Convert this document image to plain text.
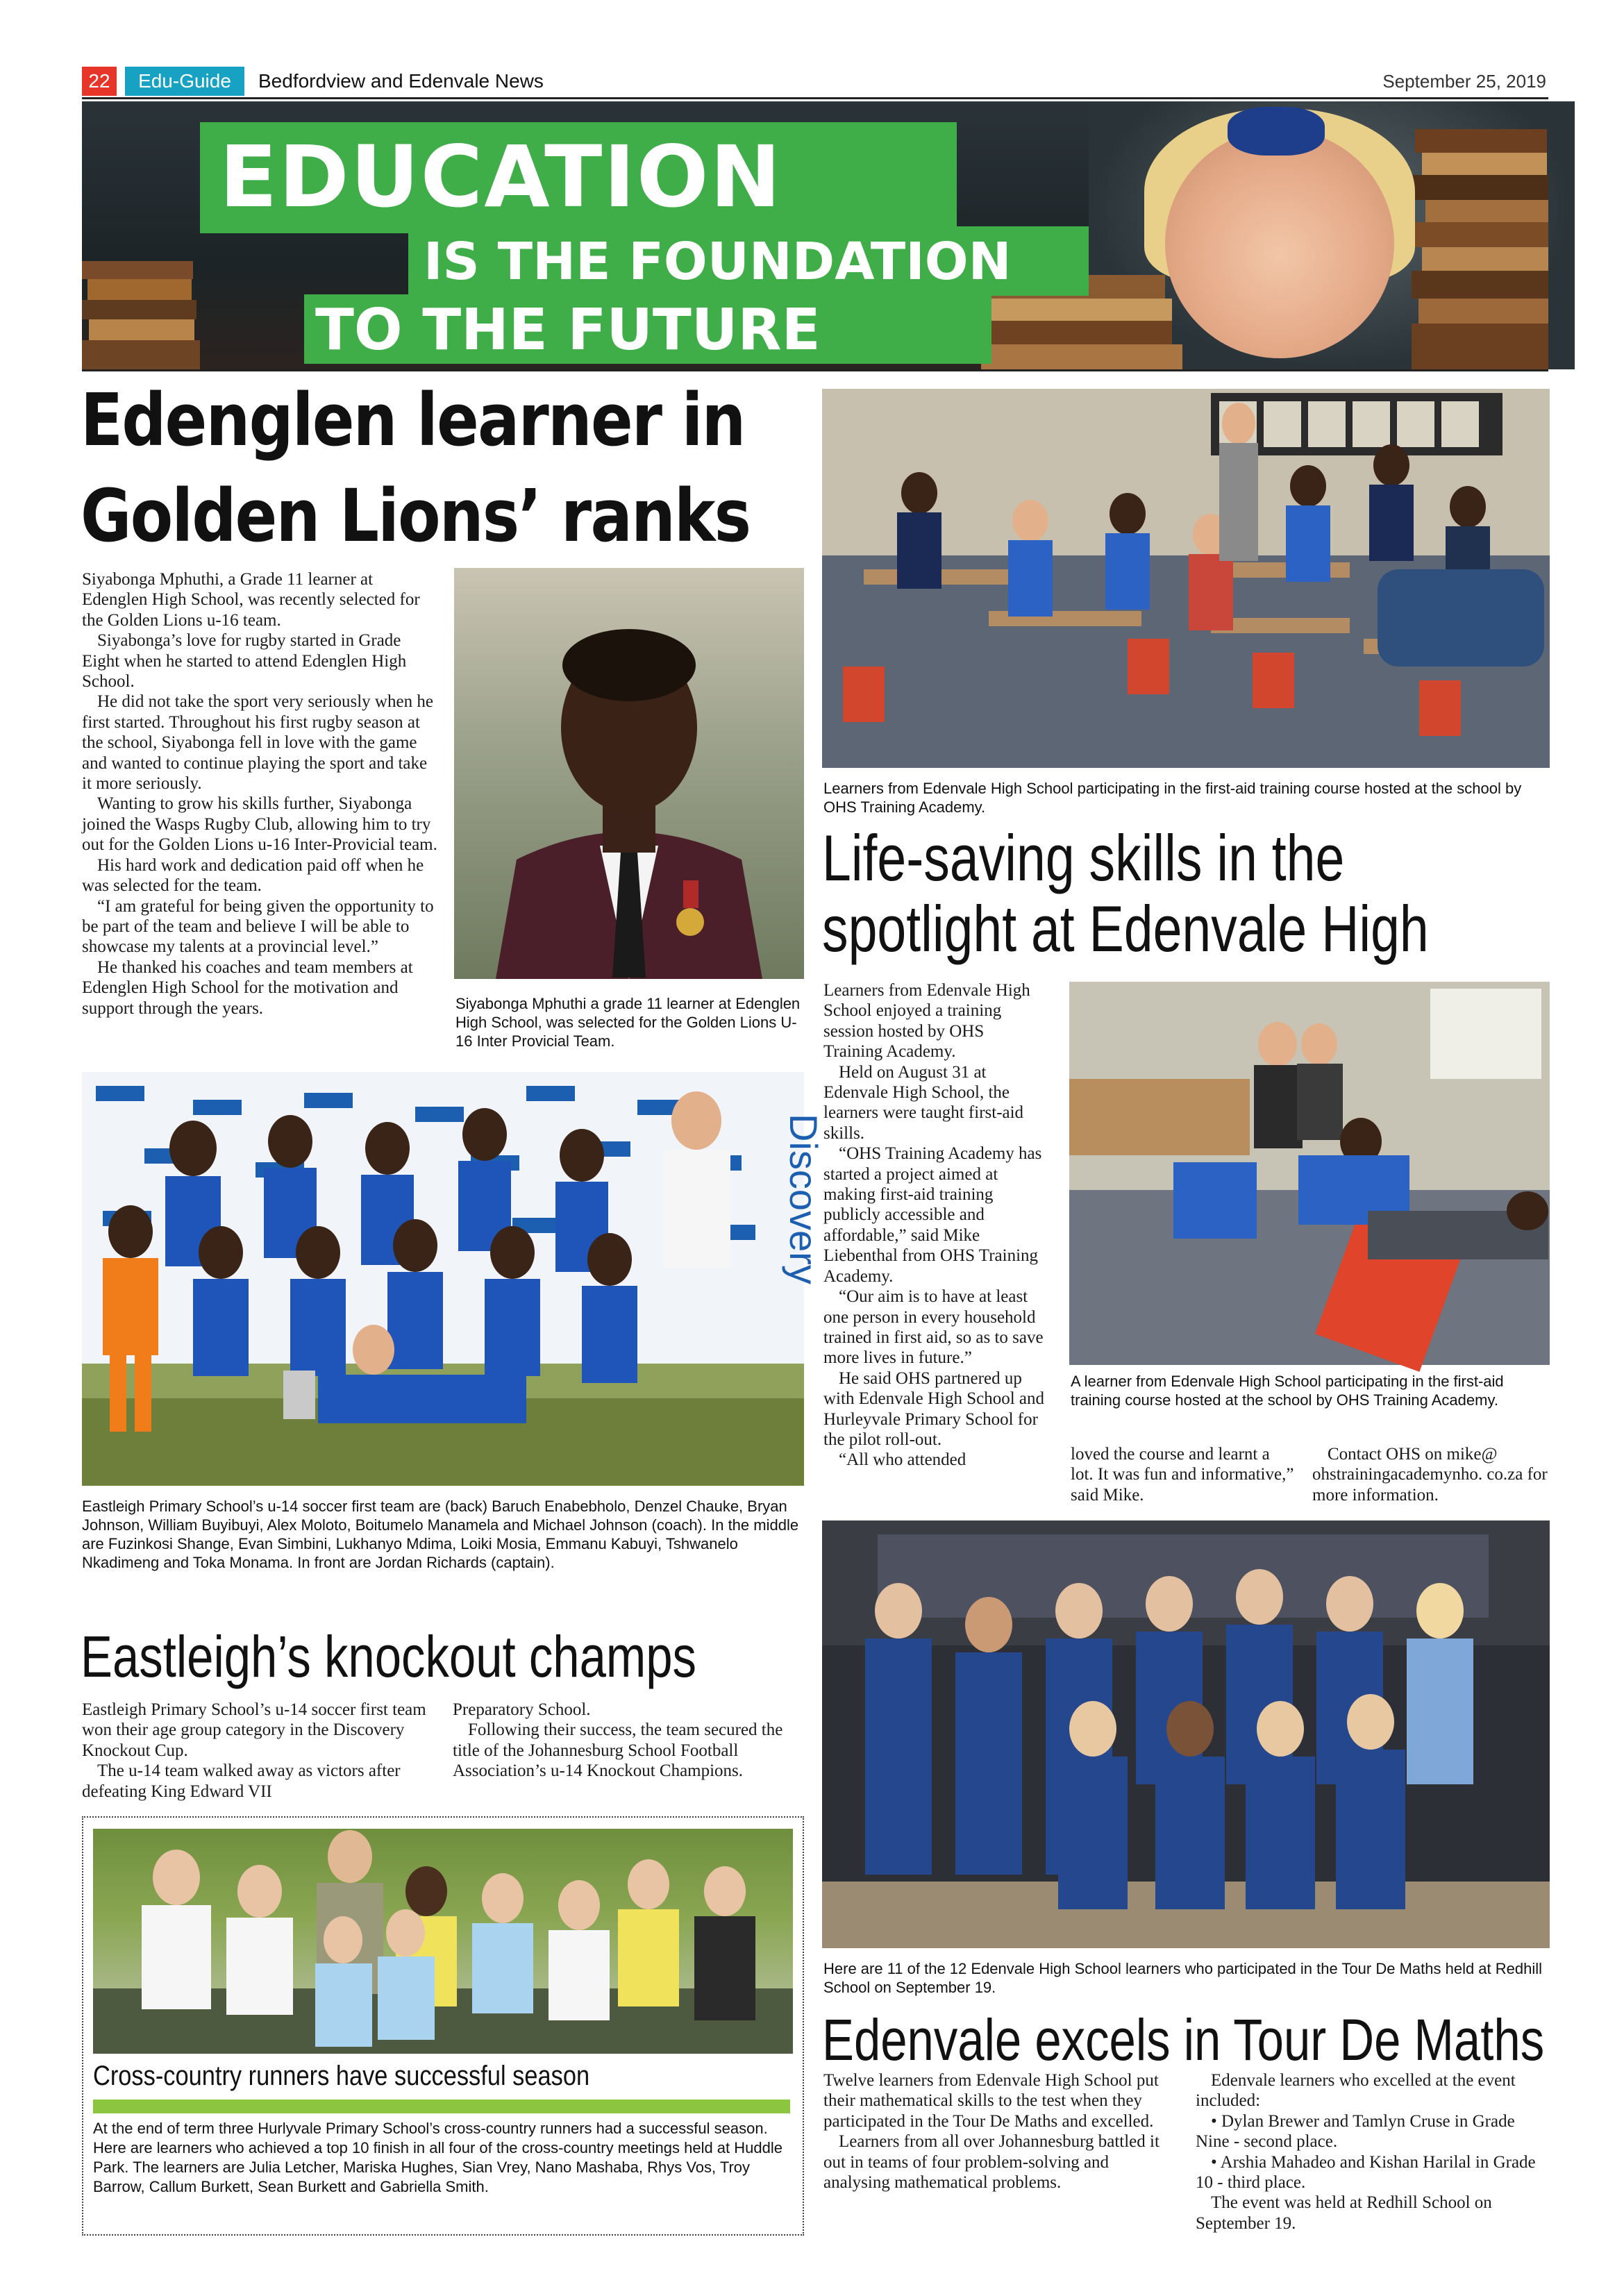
22	Edu-Guide	Bedfordview and Edenvale News	September 25, 2019
EDUCATION
IS THE FOUNDATION
TO THE FUTURE
Edenglen learner in
Golden Lions’ ranks

Siyabonga Mphuthi, a Grade 11 learner at Edenglen High School, was recently selected for the Golden Lions u-16 team.

Siyabonga’s love for rugby started in Grade Eight when he started to attend Edenglen High School.

He did not take the sport very seriously when he first started. Throughout his first rugby season at the school, Siyabonga fell in love with the game and wanted to continue playing the sport and take it more seriously.

Wanting to grow his skills further, Siyabonga joined the Wasps Rugby Club, allowing him to try out for the Golden Lions u-16 Inter-Provicial team.

His hard work and dedication paid off when he was selected for the team.

“I am grateful for being given the opportunity to be part of the team and believe I will be able to showcase my talents at a provincial level.”

He thanked his coaches and team members at Edenglen High School for the motivation and support through the years.	Siyabonga Mphuthi a grade 11 learner at Edenglen High School, was selected for the Golden Lions U-16 Inter Provicial Team.
Discovery
Eastleigh Primary School’s u-14 soccer first team are (back) Baruch Enabebholo, Denzel Chauke, Bryan Johnson, William Buyibuyi, Alex Moloto, Boitumelo Manamela and Michael Johnson (coach). In the middle are Fuzinkosi Shange, Evan Simbini, Lukhanyo Mdima, Loiki Mosia, Emmanu Kabuyi, Tshwanelo Nkadimeng and Toka Monama. In front are Jordan Richards (captain).
Eastleigh’s knockout champs

Eastleigh Primary School’s u-14 soccer first team won their age group category in the Discovery Knockout Cup.

The u-14 team walked away as victors after defeating King Edward VII

Preparatory School.

Following their success, the team secured the title of the Johannesburg School Football Association’s u-14 Knockout Champions.

Cross-country runners have successful season
At the end of term three Hurlyvale Primary School’s cross-country runners had a successful season. Here are learners who achieved a top 10 finish in all four of the cross-country meetings held at Huddle Park. The learners are Julia Letcher, Mariska Hughes, Sian Vrey, Nano Mashaba, Rhys Vos, Troy Barrow, Callum Burkett, Sean Burkett and Gabriella Smith.
Learners from Edenvale High School participating in the first-aid training course hosted at the school by OHS Training Academy.
Life-saving skills in the
spotlight at Edenvale High

Learners from Edenvale High School enjoyed a training session hosted by OHS Training Academy.

Held on August 31 at Edenvale High School, the learners were taught first-aid skills.

“OHS Training Academy has started a project aimed at making first-aid training publicly accessible and affordable,” said Mike Liebenthal from OHS Training Academy.

“Our aim is to have at least one person in every household trained in first aid, so as to save more lives in future.”

He said OHS partnered up with Edenvale High School and Hurleyvale Primary School for the pilot roll-out.

“All who attended

A learner from Edenvale High School participating in the first-aid training course hosted at the school by OHS Training Academy.
loved the course and learnt a lot. It was fun and informative,” said Mike.
Contact OHS on mike@ ohstrainingacademynho. co.za for more information.
Here are 11 of the 12 Edenvale High School learners who participated in the Tour De Maths held at Redhill School on September 19.
Edenvale excels in Tour De Maths

Twelve learners from Edenvale High School put their mathematical skills to the test when they participated in the Tour De Maths and excelled.

Learners from all over Johannesburg battled it out in teams of four problem-solving and analysing mathematical problems.

Edenvale learners who excelled at the event included:

• Dylan Brewer and Tamlyn Cruse in Grade Nine - second place.

• Arshia Mahadeo and Kishan Harilal in Grade 10 - third place.

The event was held at Redhill School on September 19.
